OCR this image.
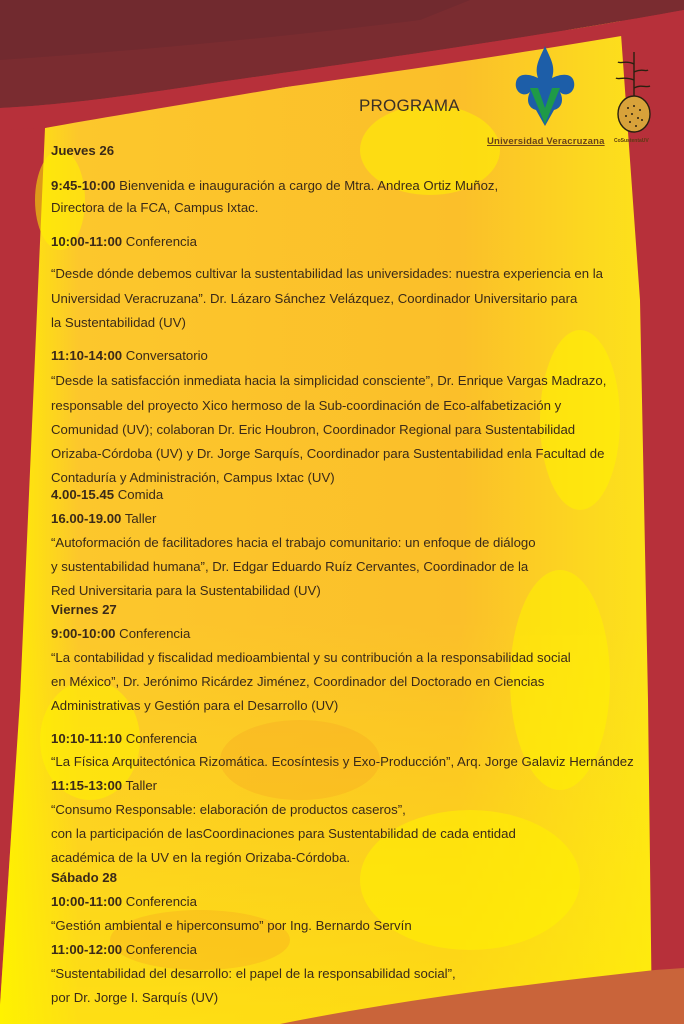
PROGRAMA
Universidad Veracruzana CoSustentaUV
Jueves 26
9:45-10:00 Bienvenida e inauguración a cargo de Mtra. Andrea Ortiz Muñoz,
Directora de la FCA, Campus Ixtac.
10:00-11:00 Conferencia
“Desde dónde debemos cultivar la sustentabilidad las universidades: nuestra experiencia en la
Universidad Veracruzana”. Dr. Lázaro Sánchez Velázquez, Coordinador Universitario para
la Sustentabilidad (UV)
11:10-14:00 Conversatorio
“Desde la satisfacción inmediata hacia la simplicidad consciente”, Dr. Enrique Vargas Madrazo,
responsable del proyecto Xico hermoso de la Sub-coordinación de Eco-alfabetización y
Comunidad (UV); colaboran Dr. Eric Houbron, Coordinador Regional para Sustentabilidad
Orizaba-Córdoba (UV) y Dr. Jorge Sarquís, Coordinador para Sustentabilidad enla Facultad de
Contaduría y Administración, Campus Ixtac (UV)
4.00-15.45 Comida
16.00-19.00 Taller
“Autoformación de facilitadores hacia el trabajo comunitario: un enfoque de diálogo
y sustentabilidad humana”, Dr. Edgar Eduardo Ruíz Cervantes, Coordinador de la
Red Universitaria para la Sustentabilidad (UV)
Viernes 27
9:00-10:00 Conferencia
“La contabilidad y fiscalidad medioambiental y su contribución a la responsabilidad social
en México”, Dr. Jerónimo Ricárdez Jiménez, Coordinador del Doctorado en Ciencias
Administrativas y Gestión para el Desarrollo (UV)
10:10-11:10 Conferencia
“La Física Arquitectónica Rizomática. Ecosíntesis y Exo-Producción”, Arq. Jorge Galaviz Hernández
11:15-13:00 Taller
“Consumo Responsable: elaboración de productos caseros”,
con la participación de lasCoordinaciones para Sustentabilidad de cada entidad
académica de la UV en la región Orizaba-Córdoba.
Sábado 28
10:00-11:00 Conferencia
“Gestión ambiental e hiperconsumo” por Ing. Bernardo Servín
11:00-12:00 Conferencia
“Sustentabilidad del desarrollo: el papel de la responsabilidad social”,
por Dr. Jorge I. Sarquís (UV)
